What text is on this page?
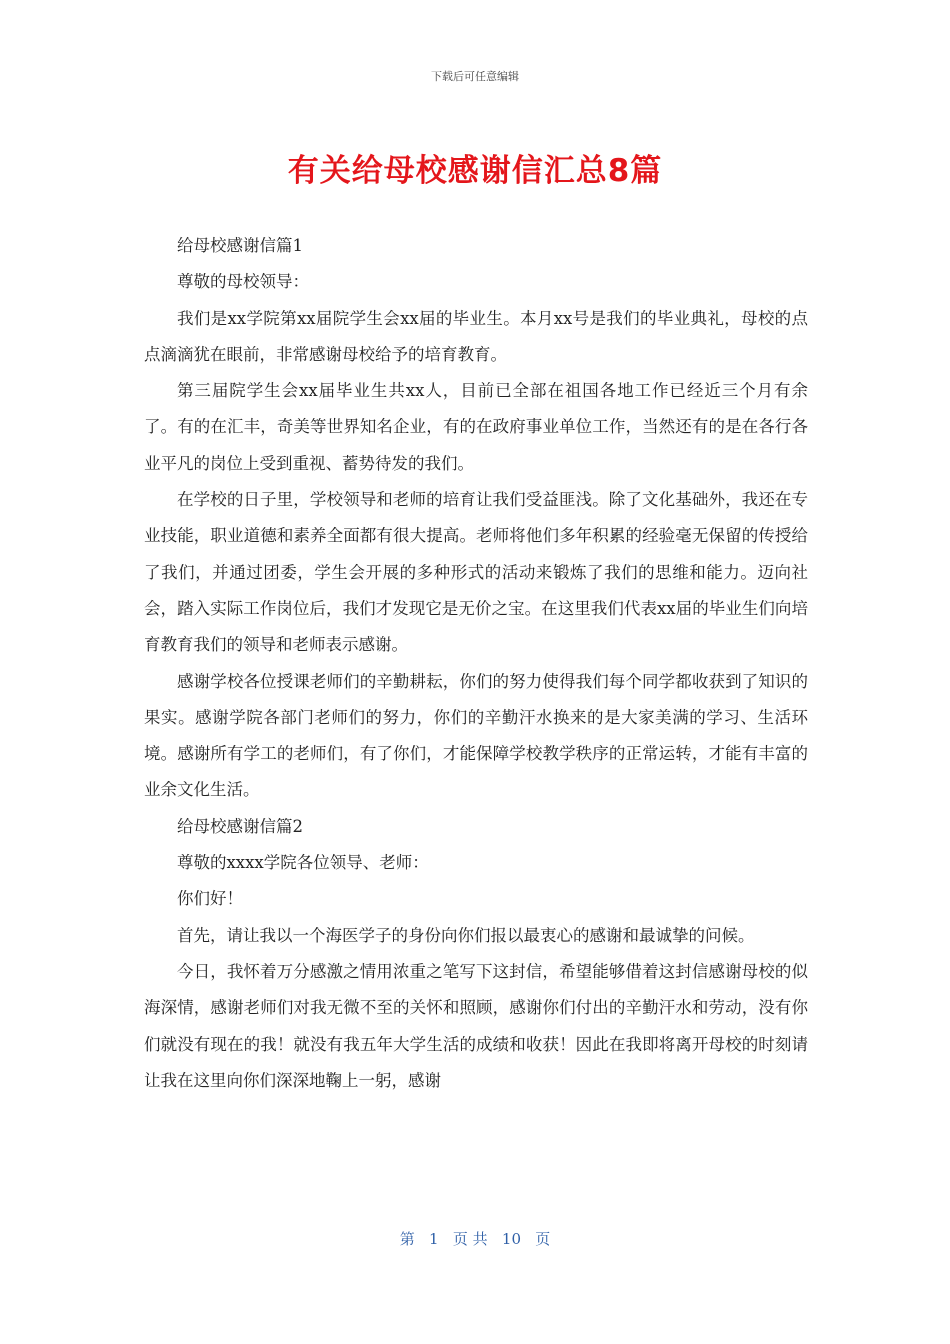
下载后可任意编辑
有关给母校感谢信汇总8篇

给母校感谢信篇1

尊敬的母校领导：

我们是xx学院第xx届院学生会xx届的毕业生。本月xx号是我们的毕业典礼，母校的点点滴滴犹在眼前，非常感谢母校给予的培育教育。

第三届院学生会xx届毕业生共xx人，目前已全部在祖国各地工作已经近三个月有余了。有的在汇丰，奇美等世界知名企业，有的在政府事业单位工作，当然还有的是在各行各业平凡的岗位上受到重视、蓄势待发的我们。

在学校的日子里，学校领导和老师的培育让我们受益匪浅。除了文化基础外，我还在专业技能，职业道德和素养全面都有很大提高。老师将他们多年积累的经验毫无保留的传授给了我们，并通过团委，学生会开展的多种形式的活动来锻炼了我们的思维和能力。迈向社会，踏入实际工作岗位后，我们才发现它是无价之宝。在这里我们代表xx届的毕业生们向培育教育我们的领导和老师表示感谢。

感谢学校各位授课老师们的辛勤耕耘，你们的努力使得我们每个同学都收获到了知识的果实。感谢学院各部门老师们的努力，你们的辛勤汗水换来的是大家美满的学习、生活环境。感谢所有学工的老师们，有了你们，才能保障学校教学秩序的正常运转，才能有丰富的业余文化生活。

给母校感谢信篇2

尊敬的xxxx学院各位领导、老师：

你们好！

首先，请让我以一个海医学子的身份向你们报以最衷心的感谢和最诚挚的问候。

今日，我怀着万分感激之情用浓重之笔写下这封信，希望能够借着这封信感谢母校的似海深情，感谢老师们对我无微不至的关怀和照顾，感谢你们付出的辛勤汗水和劳动，没有你们就没有现在的我！就没有我五年大学生活的成绩和收获！因此在我即将离开母校的时刻请让我在这里向你们深深地鞠上一躬，感谢

第   1   页 共   10   页
